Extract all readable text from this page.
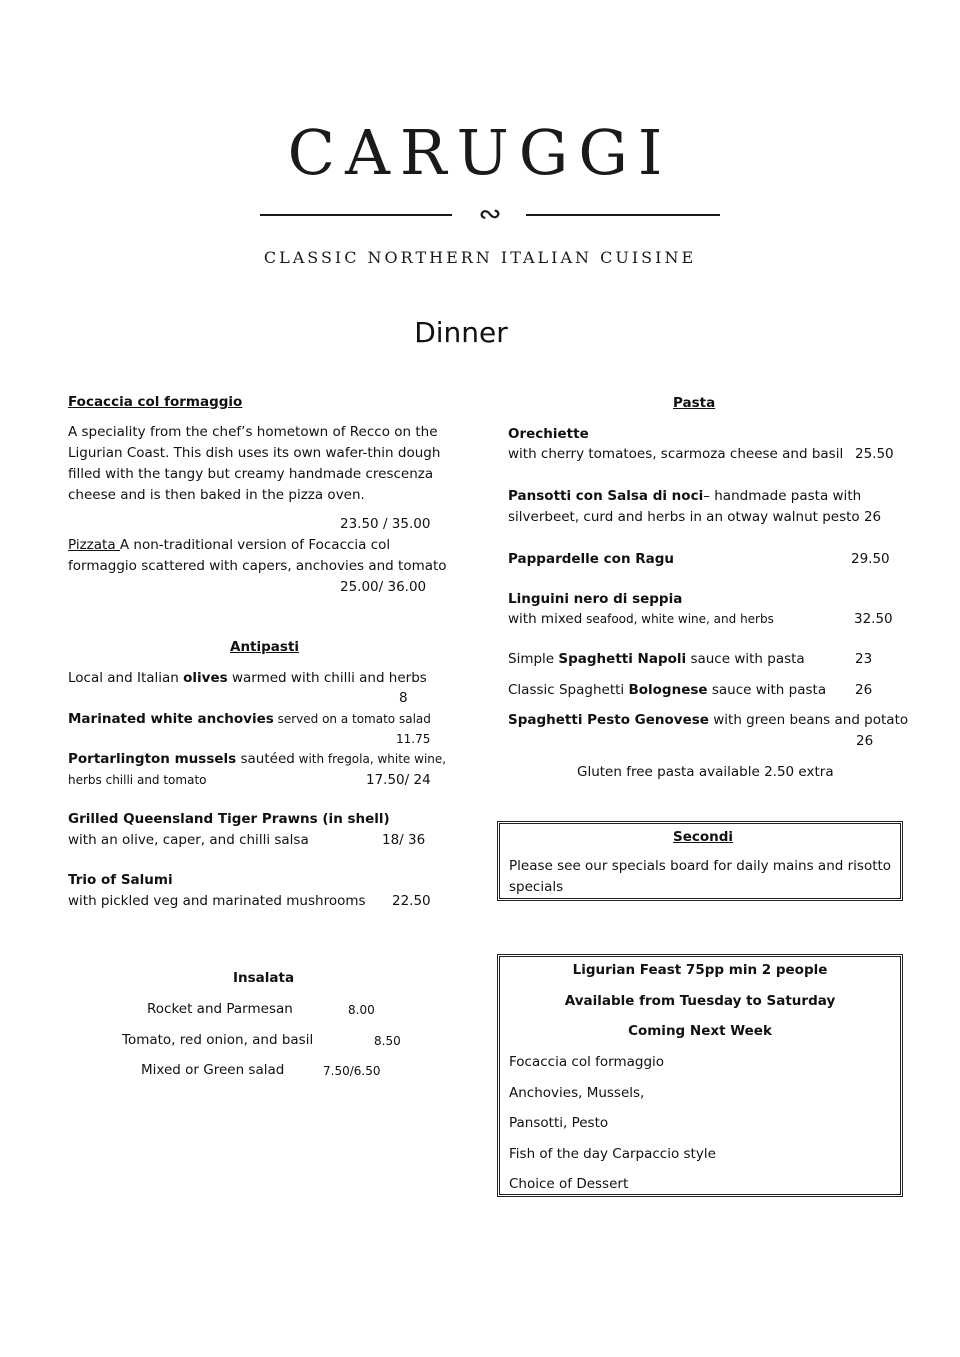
CARUGGI
∾
CLASSIC NORTHERN ITALIAN CUISINE
Dinner
Focaccia col formaggio
A speciality from the chef’s hometown of Recco on the Ligurian Coast. This dish uses its own wafer-thin dough filled with the tangy but creamy handmade crescenza cheese and is then baked in the pizza oven.
23.50 / 35.00
Pizzata A non-traditional version of Focaccia col
formaggio scattered with capers, anchovies and tomato
25.00/ 36.00
Antipasti
Local and Italian olives warmed with chilli and herbs
8
Marinated white anchovies served on a tomato salad
11.75
Portarlington mussels sautéed with fregola, white wine,
herbs chilli and tomato	17.50/ 24
Grilled Queensland Tiger Prawns (in shell)
with an olive, caper, and chilli salsa	18/ 36
Trio of Salumi
with pickled veg and marinated mushrooms 22.50
Insalata
Rocket and Parmesan	8.00
Tomato, red onion, and basil	8.50
Mixed or Green salad	7.50/6.50
Pasta
Orechiette
with cherry tomatoes, scarmoza cheese and basil 25.50
Pansotti con Salsa di noci– handmade pasta with
silverbeet, curd and herbs in an otway walnut pesto 26
Pappardelle con Ragu	29.50
Linguini nero di seppia
with mixed seafood, white wine, and herbs	32.50
Simple Spaghetti Napoli sauce with pasta	23
Classic Spaghetti Bolognese sauce with pasta 26
Spaghetti Pesto Genovese with green beans and potato
26
Gluten free pasta available 2.50 extra
Secondi
Please see our specials board for daily mains and risotto specials
Ligurian Feast 75pp min 2 people
Available from Tuesday to Saturday
Coming Next Week
Focaccia col formaggio
Anchovies, Mussels,
Pansotti, Pesto
Fish of the day Carpaccio style
Choice of Dessert
